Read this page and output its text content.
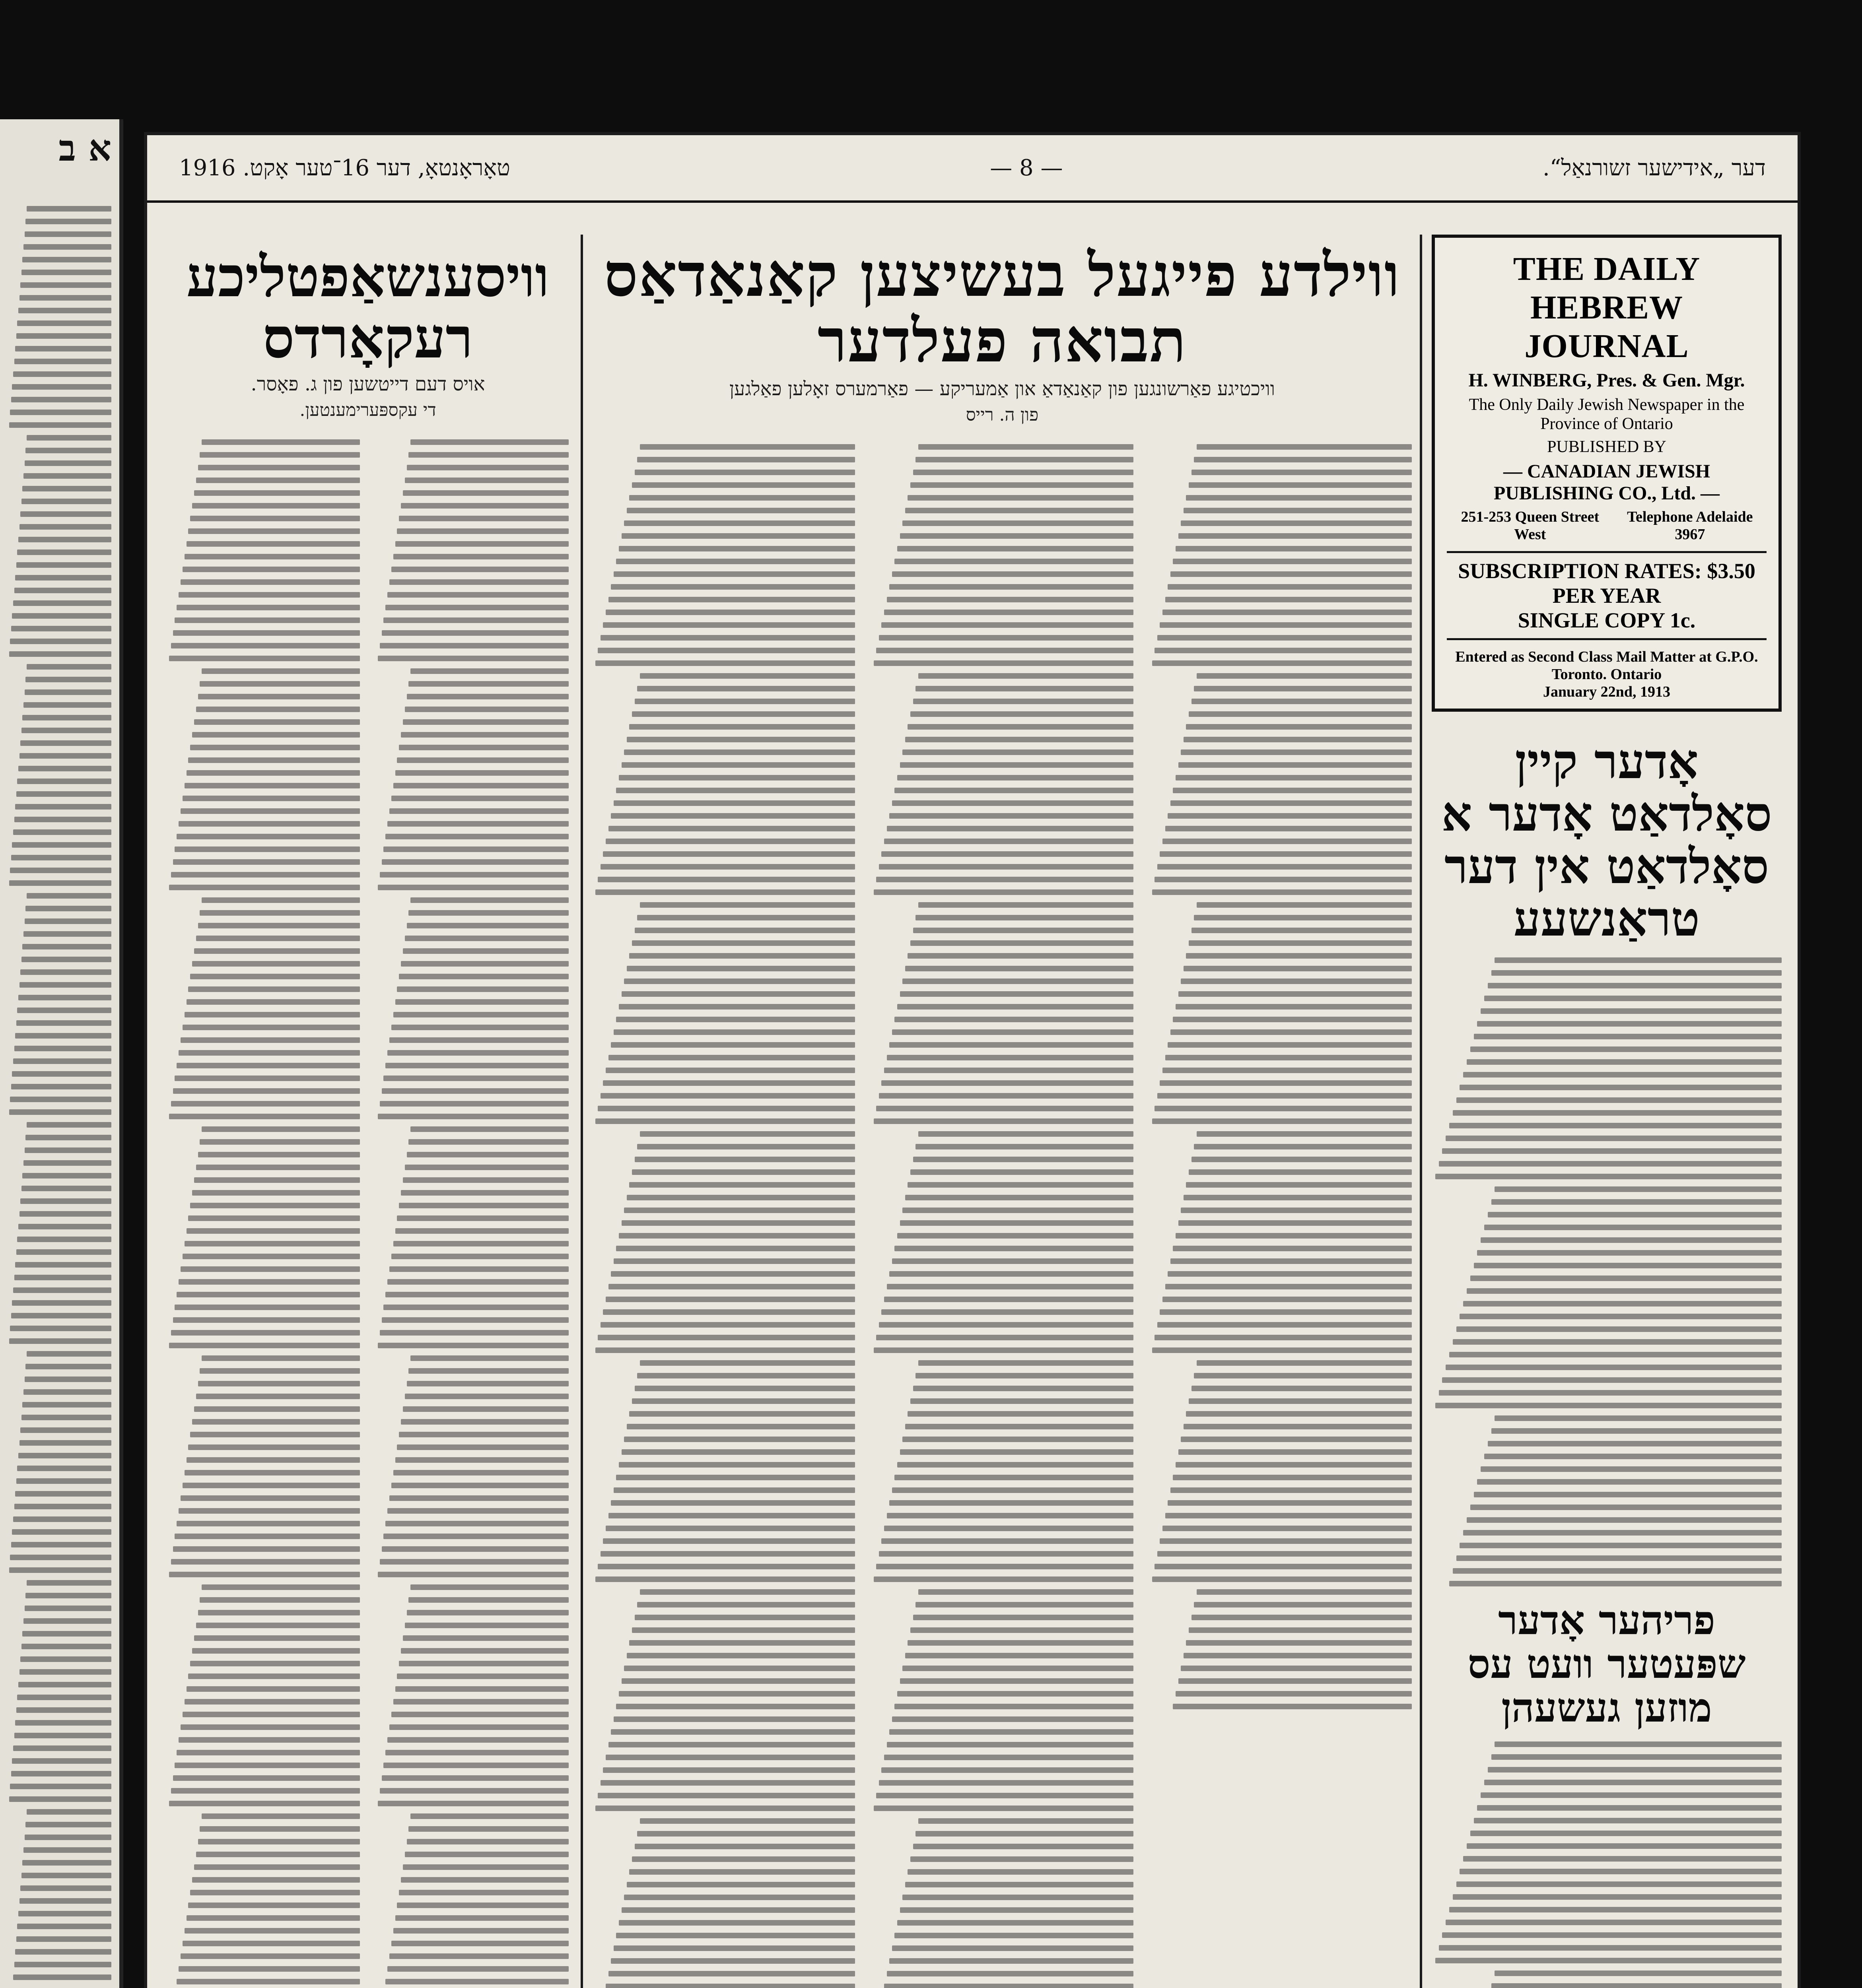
א ב	דער „אידישער זשורנאַל“.
— 8 —
טאָראָנטאָ, דער 16־טער אָקט. 1916
וויסענשאַפטליכע רעקאָרדס
אויס דעם דייטשען פון ג. פאָסר.
די עקספּערימענטען.
ווילדע פייגעל בעשיצען קאַנאַדאַס תבואה פעלדער
וויכטיגע פאַרשונגען פון קאַנאַדאַ און אַמעריקע — פאַרמערס זאָלען פאַלגען
פון ה. רייס
THE DAILY HEBREW JOURNAL
H. WINBERG, Pres. & Gen. Mgr.
The Only Daily Jewish Newspaper in the Province of Ontario
PUBLISHED BY
— CANADIAN JEWISH PUBLISHING CO., Ltd. —
251-253 Queen Street West
Telephone Adelaide 3967
SUBSCRIPTION RATES: $3.50 PER YEAR
SINGLE COPY 1c.
Entered as Second Class Mail Matter at G.P.O. Toronto. Ontario
January 22nd, 1913
אָדער קיין סאָלדאַט אָדער א סאָלדאַט אין דער טראַנשעע
פריהער אָדער שפּעטער וועט עס מוזען געשעהן
